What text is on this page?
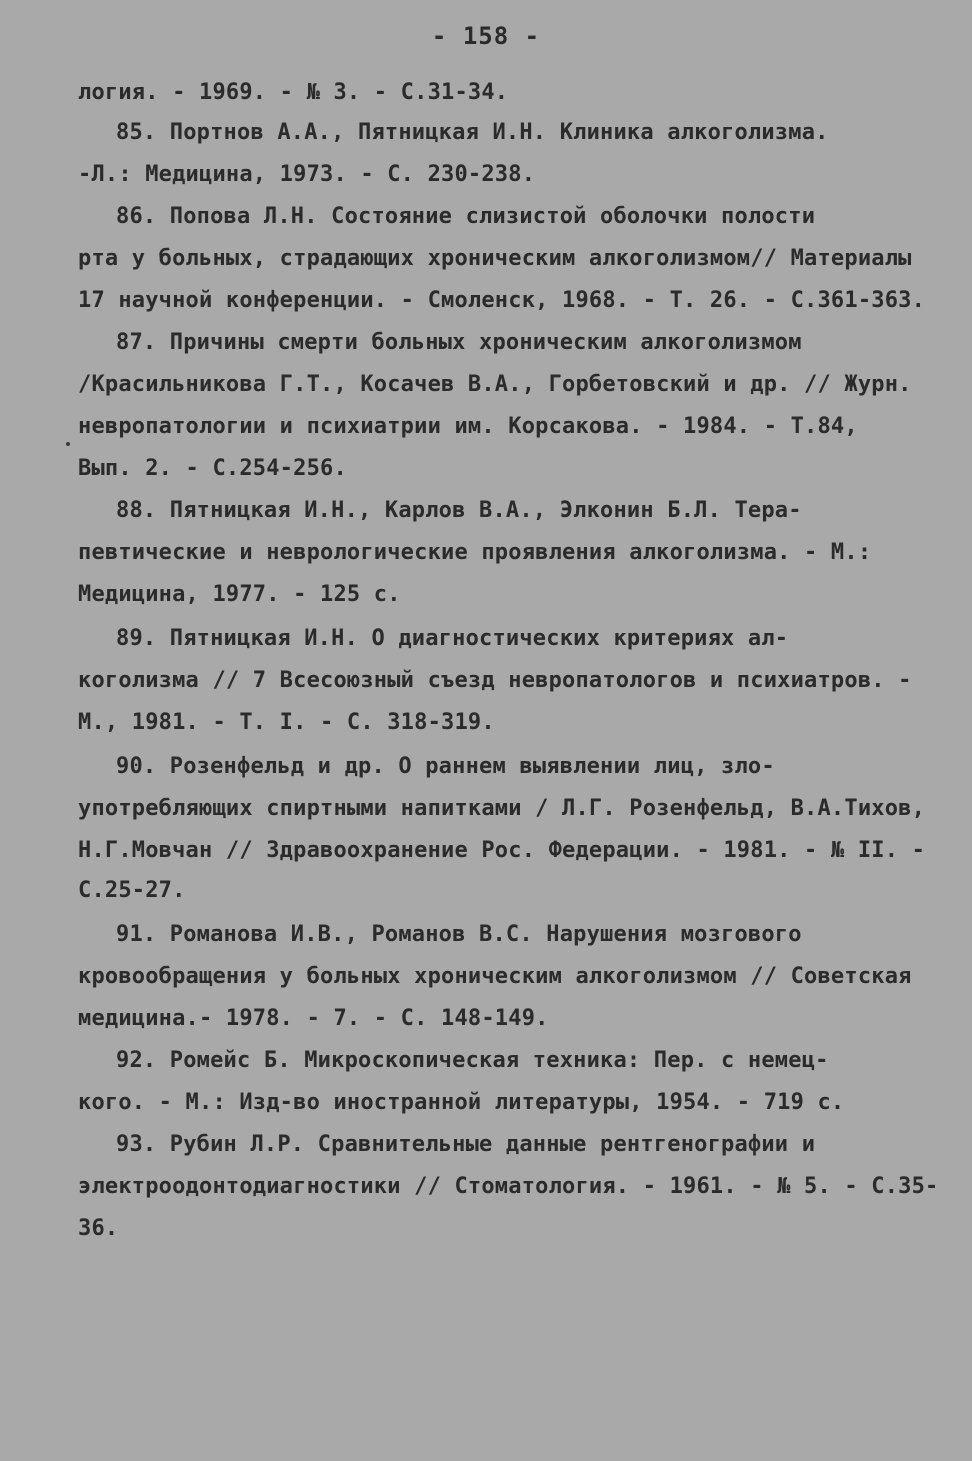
- 158 -
логия. - 1969. - № 3. - С.31-34.
85. Портнов А.А., Пятницкая И.Н. Клиника алкоголизма.
-Л.: Медицина, 1973. - С. 230-238.
86. Попова Л.Н. Состояние слизистой оболочки полости
рта у больных, страдающих хроническим алкоголизмом// Материалы
17 научной конференции. - Смоленск, 1968. - Т. 26. - С.361-363.
87. Причины смерти больных хроническим алкоголизмом
/Красильникова Г.Т., Косачев В.А., Горбетовский и др. // Журн.
невропатологии и психиатрии им. Корсакова. - 1984. - Т.84,
Вып. 2. - С.254-256.
88. Пятницкая И.Н., Карлов В.А., Элконин Б.Л. Тера-
певтические и неврологические проявления алкоголизма. - М.:
Медицина, 1977. - 125 с.
89. Пятницкая И.Н. О диагностических критериях ал-
коголизма // 7 Всесоюзный съезд невропатологов и психиатров. -
М., 1981. - Т. I. - С. 318-319.
90. Розенфельд и др. О раннем выявлении лиц, зло-
употребляющих спиртными напитками / Л.Г. Розенфельд, В.А.Тихов,
Н.Г.Мовчан // Здравоохранение Рос. Федерации. - 1981. - № II. -
С.25-27.
91. Романова И.В., Романов В.С. Нарушения мозгового
кровообращения у больных хроническим алкоголизмом // Советская
медицина.- 1978. - 7. - С. 148-149.
92. Ромейс Б. Микроскопическая техника: Пер. с немец-
кого. - М.: Изд-во иностранной литературы, 1954. - 719 с.
93. Рубин Л.Р. Сравнительные данные рентгенографии и
электроодонтодиагностики // Стоматология. - 1961. - № 5. - С.35-
36.
